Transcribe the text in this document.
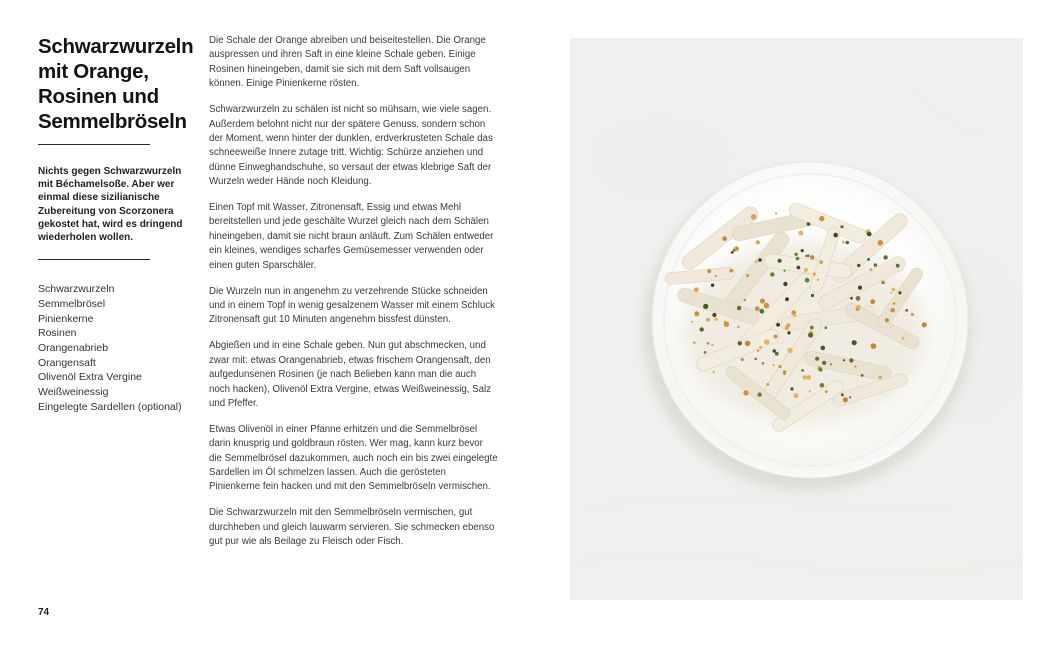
Schwarzwurzeln
mit Orange,
Rosinen und
Semmelbröseln

Nichts gegen Schwarzwurzeln mit Béchamelsoße. Aber wer einmal diese sizilianische Zubereitung von Scorzonera gekostet hat, wird es dringend wiederholen wollen.

Schwarzwurzeln
Semmelbrösel
Pinienkerne
Rosinen
Orangenabrieb
Orangensaft
Olivenöl Extra Vergine
Weißweinessig
Eingelegte Sardellen (optional)
74

Die Schale der Orange abreiben und beiseitestellen. Die Orange auspressen und ihren Saft in eine kleine Schale geben. Einige Rosinen hineingeben, damit sie sich mit dem Saft vollsaugen können. Einige Pinienkerne rösten.

Schwarzwurzeln zu schälen ist nicht so mühsam, wie viele sagen. Außerdem belohnt nicht nur der spätere Genuss, sondern schon der Moment, wenn hinter der dunklen, erdverkrusteten Schale das schneeweiße Innere zutage tritt. Wichtig: Schürze anziehen und dünne Einweghandschuhe, so versaut der etwas klebrige Saft der Wurzeln weder Hände noch Kleidung.

Einen Topf mit Wasser, Zitronensaft, Essig und etwas Mehl bereitstellen und jede geschälte Wurzel gleich nach dem Schälen hineingeben, damit sie nicht braun anläuft. Zum Schälen entweder ein kleines, wendiges scharfes Gemüsemesser verwenden oder einen guten Sparschäler.

Die Wurzeln nun in angenehm zu verzehrende Stücke schneiden und in einem Topf in wenig gesalzenem Wasser mit einem Schluck Zitronensaft gut 10 Minuten angenehm bissfest dünsten.

Abgießen und in eine Schale geben. Nun gut abschmecken, und zwar mit: etwas Orangenabrieb, etwas frischem Orangensaft, den aufgedunsenen Rosinen (je nach Belieben kann man die auch noch hacken), Olivenöl Extra Vergine, etwas Weißweinessig, Salz und Pfeffer.

Etwas Olivenöl in einer Pfanne erhitzen und die Semmelbrösel darin knusprig und goldbraun rösten. Wer mag, kann kurz bevor die Semmelbrösel dazukommen, auch noch ein bis zwei eingelegte Sardellen im Öl schmelzen lassen. Auch die gerösteten Pinienkerne fein hacken und mit den Semmelbröseln vermischen.

Die Schwarzwurzeln mit den Semmelbröseln vermischen, gut durchheben und gleich lauwarm servieren. Sie schmecken ebenso gut pur wie als Beilage zu Fleisch oder Fisch.
